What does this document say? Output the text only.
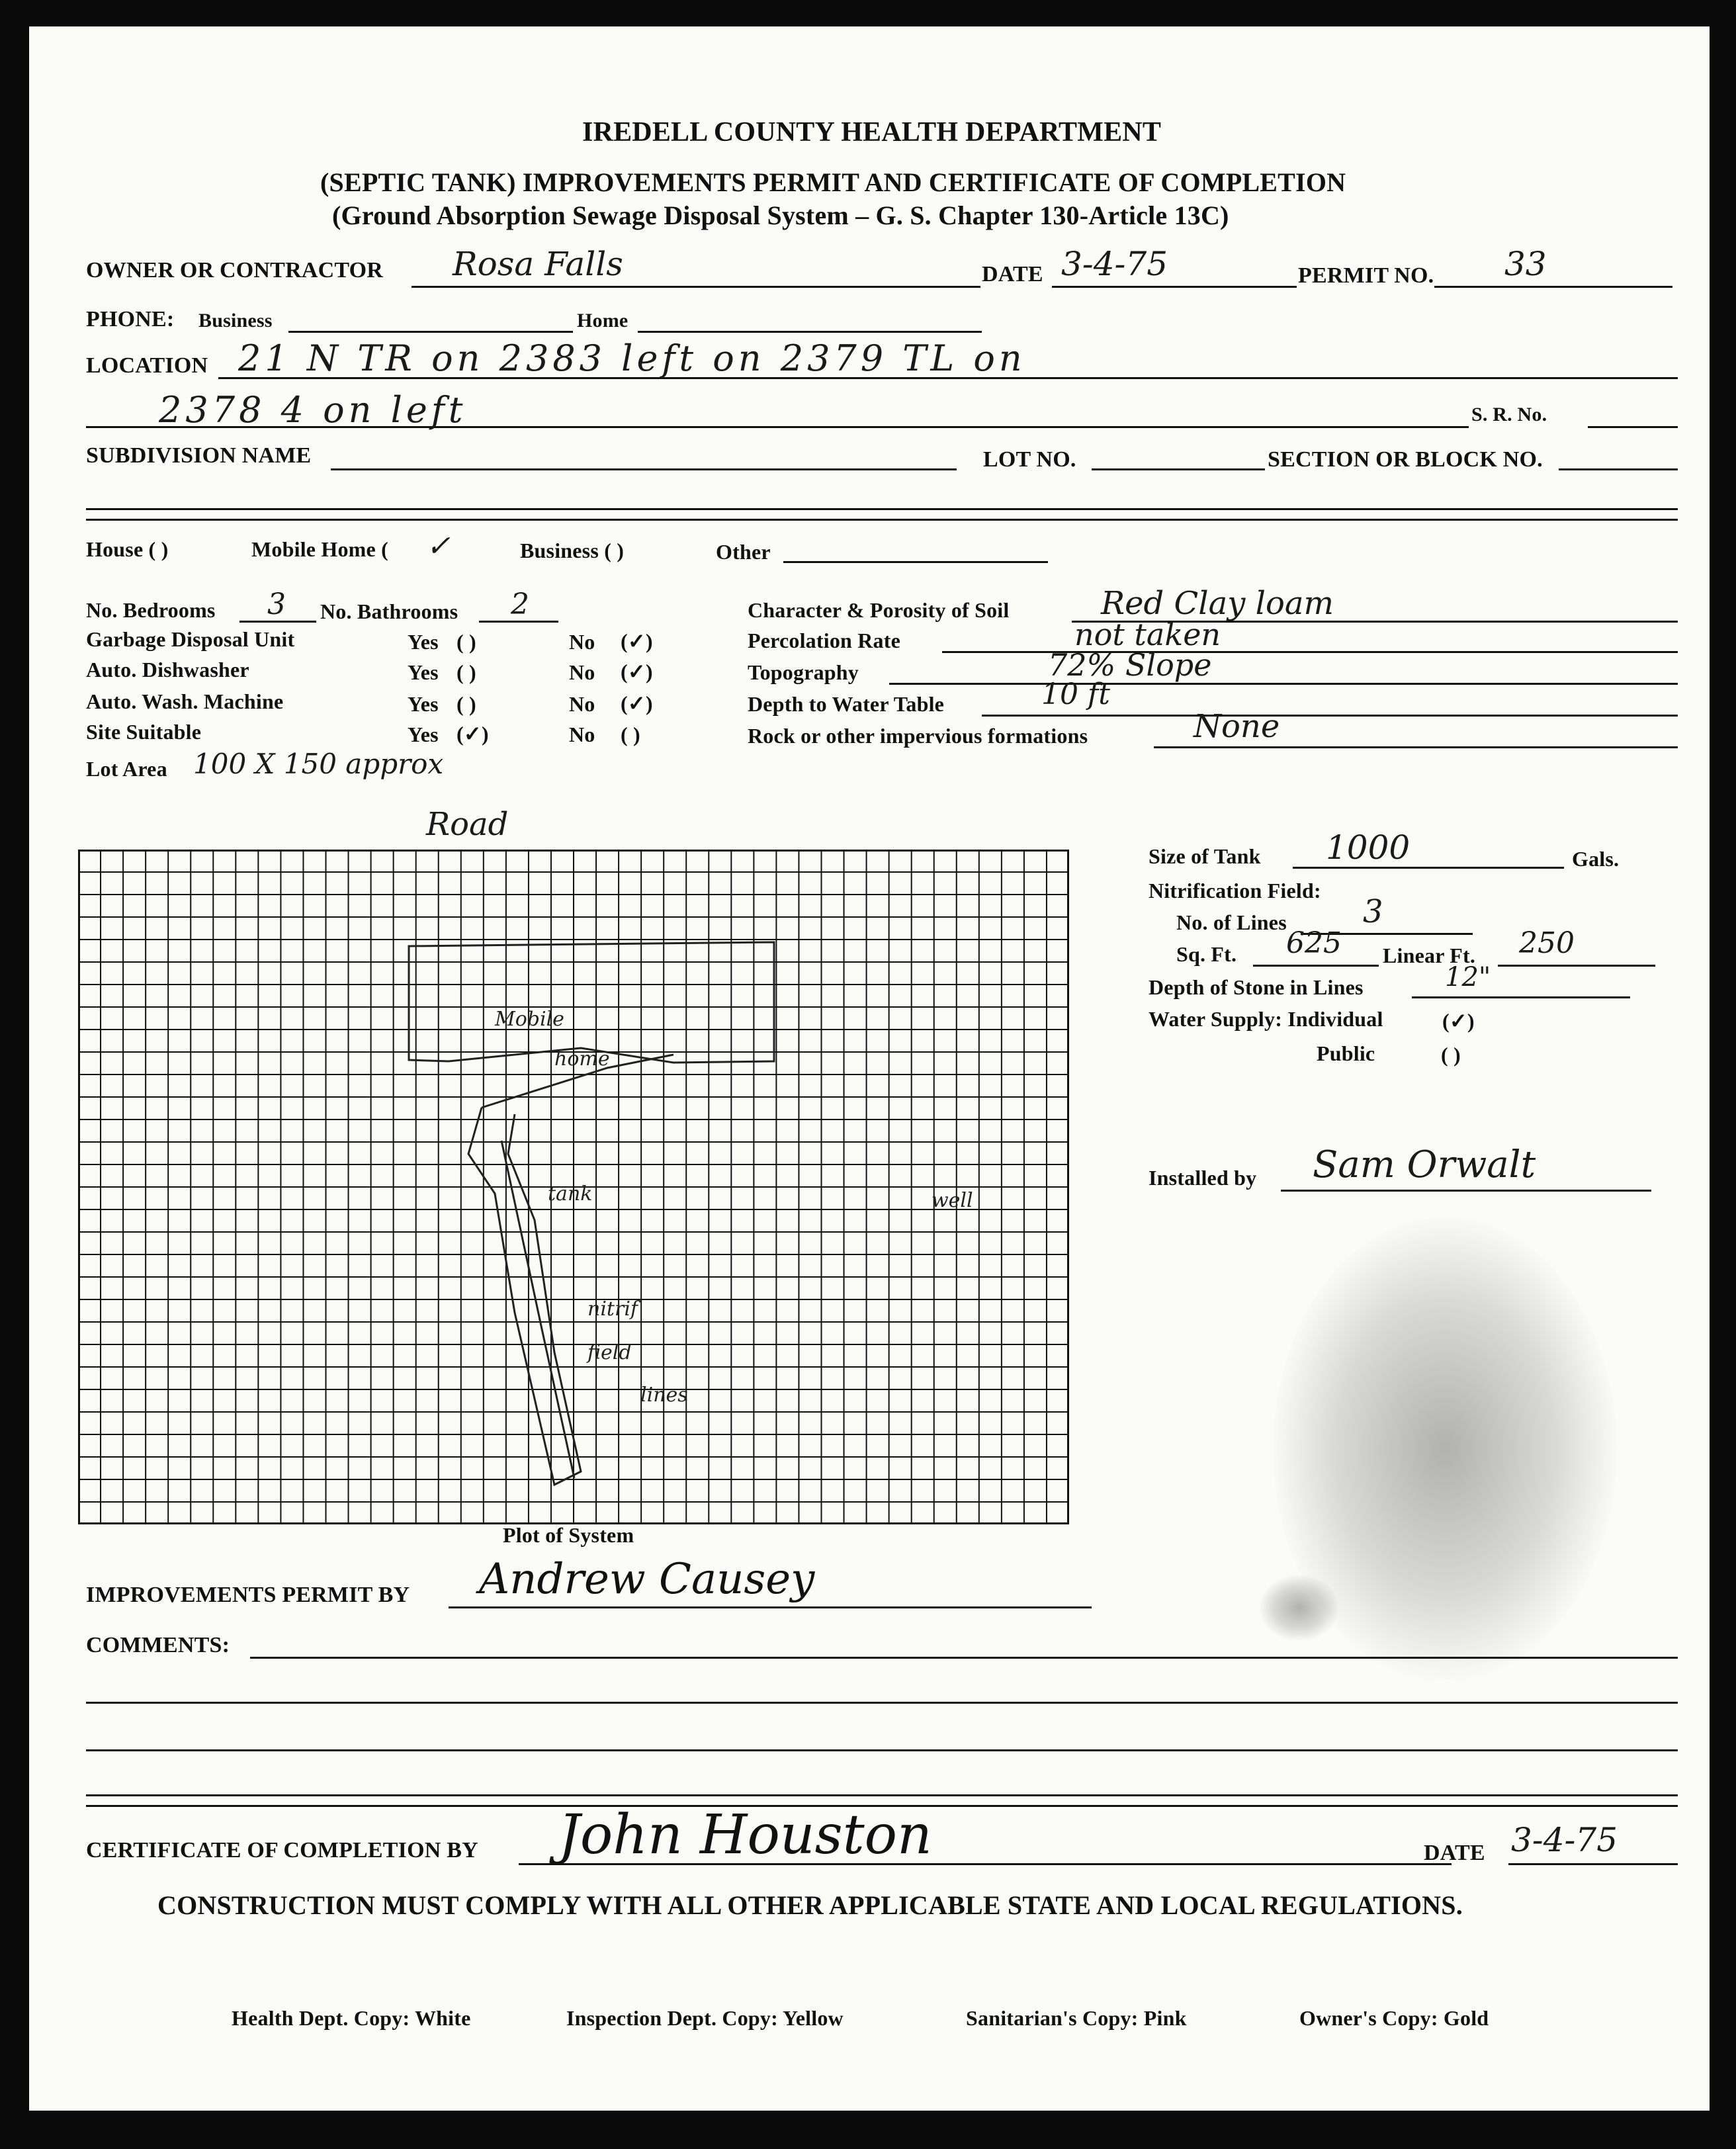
IREDELL COUNTY HEALTH DEPARTMENT
(SEPTIC TANK) IMPROVEMENTS PERMIT AND CERTIFICATE OF COMPLETION
(Ground Absorption Sewage Disposal System – G. S. Chapter 130-Article 13C)
OWNER OR CONTRACTOR Rosa Falls	DATE 3-4-75	PERMIT NO. 33
PHONE: Business	Home
LOCATION 21 N TR on 2383 left on 2379 TL on
2378 4 on left	S. R. No.
SUBDIVISION NAME	LOT NO.	SECTION OR BLOCK NO.
House ( )	Mobile Home ( ✓	Business ( )	Other
No. Bedrooms 3 No. Bathrooms 2
Garbage Disposal Unit	Yes ( )	No (✓)
Auto. Dishwasher	Yes ( )	No (✓)
Auto. Wash. Machine	Yes ( )	No (✓)
Site Suitable	Yes (✓)	No ( )
Lot Area 100 X 150 approx
Character & Porosity of Soil	Red Clay loam
Percolation Rate	not taken
Topography	72% Slope
Depth to Water Table	10 ft
Rock or other impervious formations	None
Road
Mobile
home
tank	well
nitrif
field
lines
Plot of System
Size of Tank 1000	Gals.
Nitrification Field:
No. of Lines 3
Sq. Ft. 625 Linear Ft. 250
Depth of Stone in Lines	12"
Water Supply: Individual	(✓)
Public	( )
Installed by Sam Orwalt
IMPROVEMENTS PERMIT BY Andrew Causey
COMMENTS:
CERTIFICATE OF COMPLETION BY John Houston	DATE 3-4-75
CONSTRUCTION MUST COMPLY WITH ALL OTHER APPLICABLE STATE AND LOCAL REGULATIONS.
Health Dept. Copy: White	Inspection Dept. Copy: Yellow	Sanitarian's Copy: Pink	Owner's Copy: Gold
